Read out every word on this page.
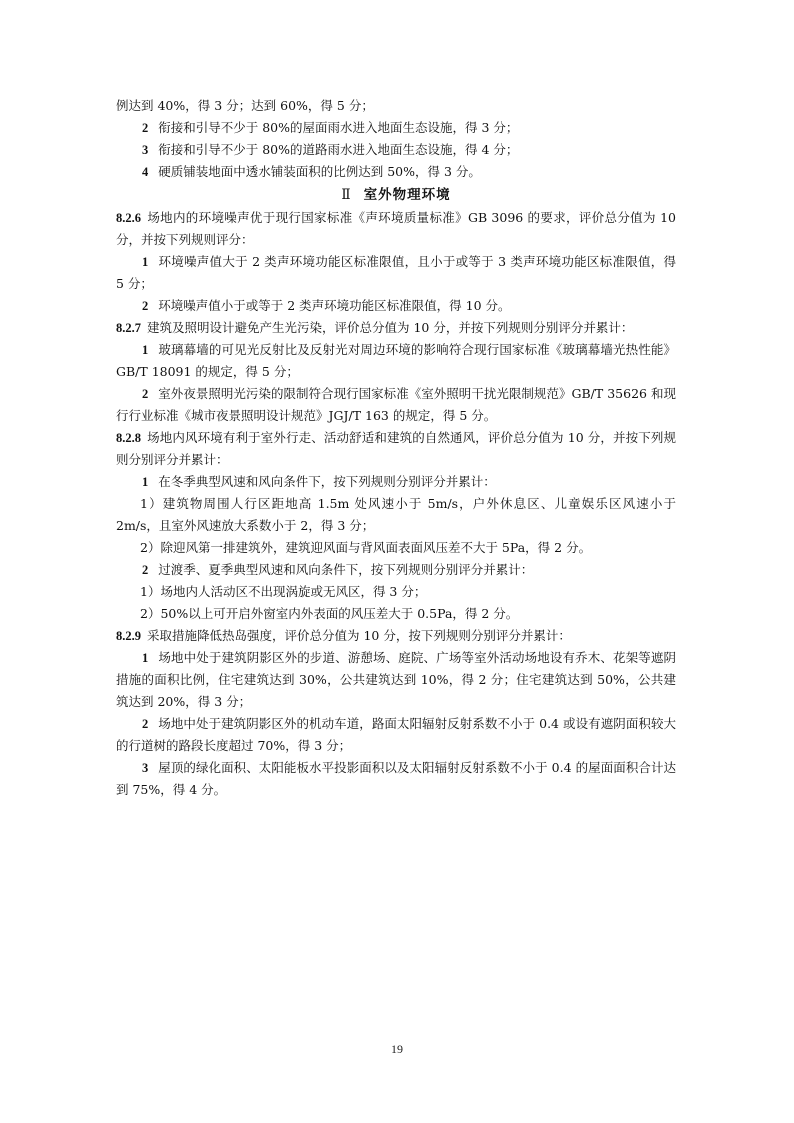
例达到 40%，得 3 分；达到 60%，得 5 分；

2 衔接和引导不少于 80%的屋面雨水进入地面生态设施，得 3 分；

3 衔接和引导不少于 80%的道路雨水进入地面生态设施，得 4 分；

4 硬质铺装地面中透水铺装面积的比例达到 50%，得 3 分。

Ⅱ 室外物理环境

8.2.6 场地内的环境噪声优于现行国家标准《声环境质量标准》GB 3096 的要求，评价总分值为 10 分，并按下列规则评分：

1 环境噪声值大于 2 类声环境功能区标准限值，且小于或等于 3 类声环境功能区标准限值，得 5 分；

2 环境噪声值小于或等于 2 类声环境功能区标准限值，得 10 分。

8.2.7 建筑及照明设计避免产生光污染，评价总分值为 10 分，并按下列规则分别评分并累计：

1 玻璃幕墙的可见光反射比及反射光对周边环境的影响符合现行国家标准《玻璃幕墙光热性能》GB/T 18091 的规定，得 5 分；

2 室外夜景照明光污染的限制符合现行国家标准《室外照明干扰光限制规范》GB/T 35626 和现行行业标准《城市夜景照明设计规范》JGJ/T 163 的规定，得 5 分。

8.2.8 场地内风环境有利于室外行走、活动舒适和建筑的自然通风，评价总分值为 10 分，并按下列规则分别评分并累计：

1 在冬季典型风速和风向条件下，按下列规则分别评分并累计：

1）建筑物周围人行区距地高 1.5m 处风速小于 5m/s，户外休息区、儿童娱乐区风速小于 2m/s，且室外风速放大系数小于 2，得 3 分；

2）除迎风第一排建筑外，建筑迎风面与背风面表面风压差不大于 5Pa，得 2 分。

2 过渡季、夏季典型风速和风向条件下，按下列规则分别评分并累计：

1）场地内人活动区不出现涡旋或无风区，得 3 分；

2）50%以上可开启外窗室内外表面的风压差大于 0.5Pa，得 2 分。

8.2.9 采取措施降低热岛强度，评价总分值为 10 分，按下列规则分别评分并累计：

1 场地中处于建筑阴影区外的步道、游憩场、庭院、广场等室外活动场地设有乔木、花架等遮阴措施的面积比例，住宅建筑达到 30%，公共建筑达到 10%，得 2 分；住宅建筑达到 50%，公共建筑达到 20%，得 3 分；

2 场地中处于建筑阴影区外的机动车道，路面太阳辐射反射系数不小于 0.4 或设有遮阴面积较大的行道树的路段长度超过 70%，得 3 分；

3 屋顶的绿化面积、太阳能板水平投影面积以及太阳辐射反射系数不小于 0.4 的屋面面积合计达到 75%，得 4 分。

19
